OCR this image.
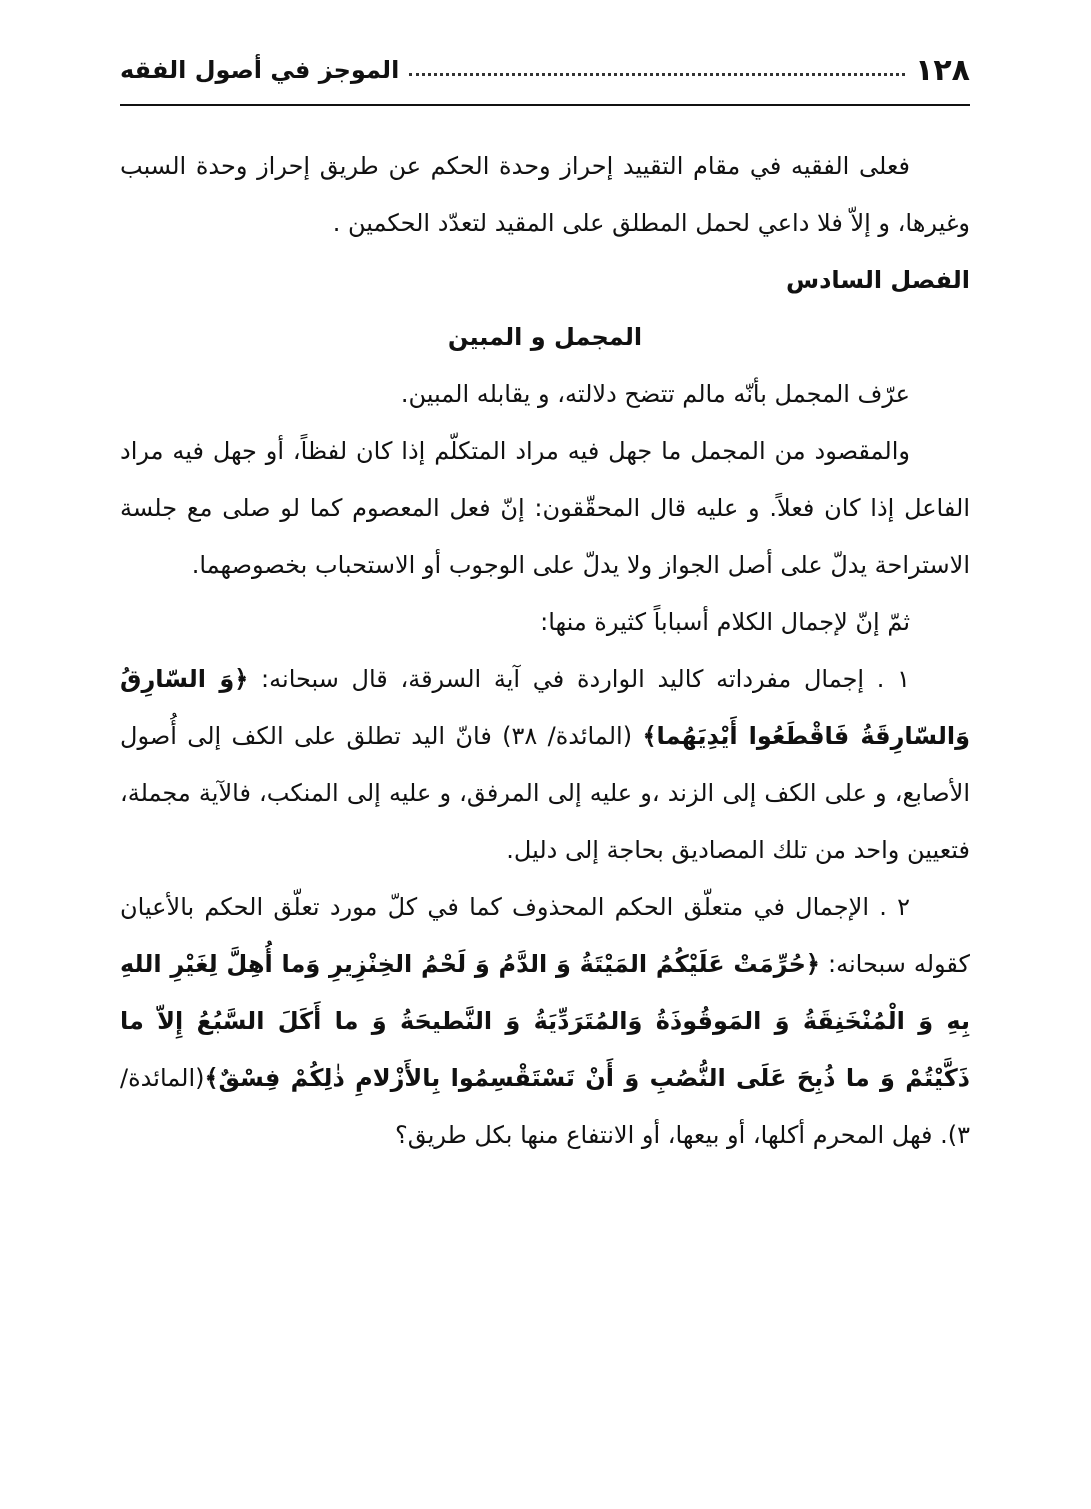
١٢٨
الموجز في أصول الفقه

فعلى الفقيه في مقام التقييد إحراز وحدة الحكم عن طريق إحراز وحدة السبب وغيرها، و إلاّ فلا داعي لحمل المطلق على المقيد لتعدّد الحكمين .

الفصل السادس

المجمل و المبين

عرّف المجمل بأنّه مالم تتضح دلالته، و يقابله المبين.

والمقصود من المجمل ما جهل فيه مراد المتكلّم إذا كان لفظاً، أو جهل فيه مراد الفاعل إذا كان فعلاً. و عليه قال المحقّقون: إنّ فعل المعصوم كما لو صلى مع جلسة الاستراحة يدلّ على أصل الجواز ولا يدلّ على الوجوب أو الاستحباب بخصوصهما.

ثمّ إنّ لإجمال الكلام أسباباً كثيرة منها:

١ . إجمال مفرداته كاليد الواردة في آية السرقة، قال سبحانه: ﴿وَ السّارِقُ وَالسّارِقَةُ فَاقْطَعُوا أَيْدِيَهُما﴾ (المائدة/ ٣٨) فانّ اليد تطلق على الكف إلى أُصول الأصابع، و على الكف إلى الزند ،و عليه إلى المرفق، و عليه إلى المنكب، فالآية مجملة، فتعيين واحد من تلك المصاديق بحاجة إلى دليل.

٢ . الإجمال في متعلّق الحكم المحذوف كما في كلّ مورد تعلّق الحكم بالأعيان كقوله سبحانه: ﴿حُرِّمَتْ عَلَيْكُمُ المَيْتَةُ وَ الدَّمُ وَ لَحْمُ الخِنْزِيرِ وَما أُهِلَّ لِغَيْرِ اللهِ بِهِ وَ الْمُنْخَنِقَةُ وَ المَوقُوذَةُ وَالمُتَرَدِّيَةُ وَ النَّطيحَةُ وَ ما أَكَلَ السَّبُعُ إِلاّ ما ذَكَّيْتُمْ وَ ما ذُبِحَ عَلَى النُّصُبِ وَ أَنْ تَسْتَقْسِمُوا بِالأَزْلامِ ذٰلِكُمْ فِسْقٌ﴾(المائدة/ ٣). فهل المحرم أكلها، أو بيعها، أو الانتفاع منها بكل طريق؟
